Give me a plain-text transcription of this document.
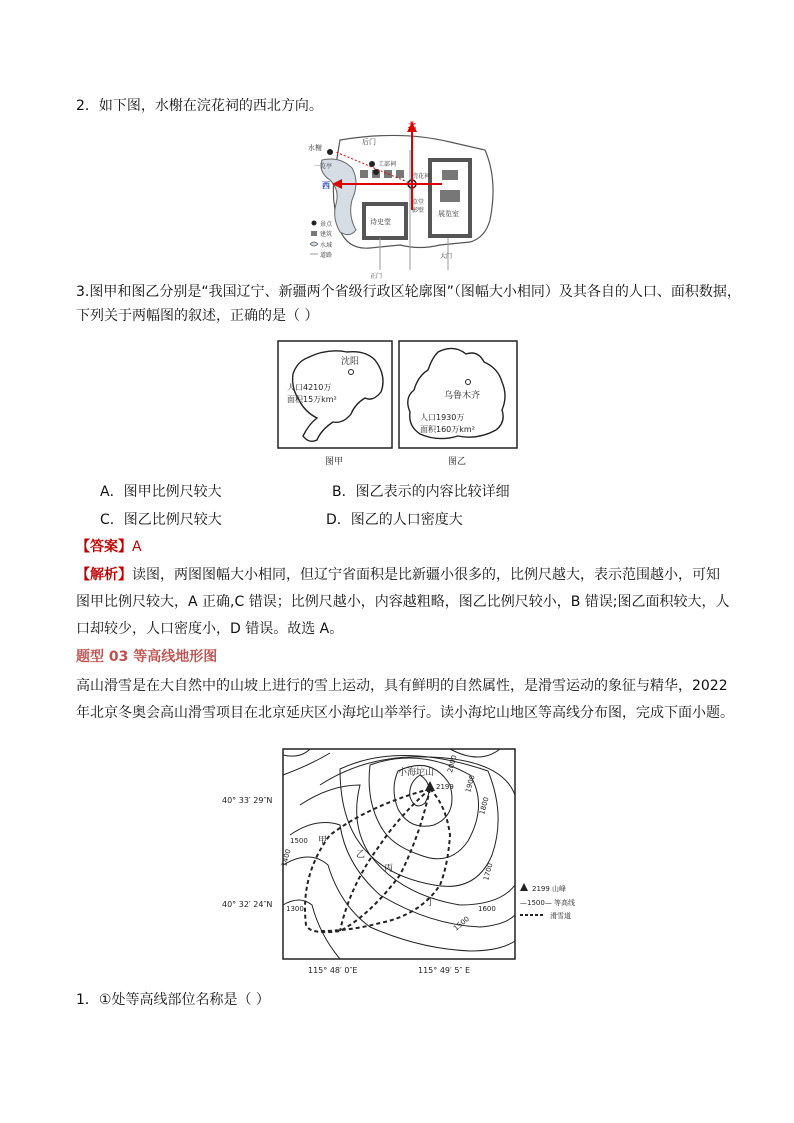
2．如下图，水榭在浣花祠的西北方向。
北
西
水榭
后门
一览亭	工部祠
浣花祠
草堂
影壁
诗史堂
展览室
正门
大门
景点
建筑
水域
道路
3.图甲和图乙分别是“我国辽宁、新疆两个省级行政区轮廓图”（图幅大小相同）及其各自的人口、面积数据，
下列关于两幅图的叙述，正确的是（ ）
沈阳
人口4210万
面积15万km²
图甲
乌鲁木齐
人口1930万
面积160万km²
图乙
A．图甲比例尺较大	B．图乙表示的内容比较详细
C．图乙比例尺较大	D．图乙的人口密度大
【答案】A
【解析】读图，两图图幅大小相同，但辽宁省面积是比新疆小很多的，比例尺越大，表示范围越小，可知
图甲比例尺较大，A 正确,C 错误；比例尺越小，内容越粗略，图乙比例尺较小，B 错误;图乙面积较大，人
口却较少，人口密度小，D 错误。故选 A。
题型 03 等高线地形图
高山滑雪是在大自然中的山坡上进行的雪上运动，具有鲜明的自然属性，是滑雪运动的象征与精华，2022
年北京冬奥会高山滑雪项目在北京延庆区小海坨山举举行。读小海坨山地区等高线分布图，完成下面小题。
小海坨山
2199
2000
1900
1800
1700
1600
1500
1500
1400
1300
甲
乙
丙
丁
40° 33′ 29″N
40° 32′ 24″N
115° 48′ 0″E	115° 49′ 5″ E
2199 山峰
—1500— 等高线
滑雪道
1．①处等高线部位名称是（ ）
